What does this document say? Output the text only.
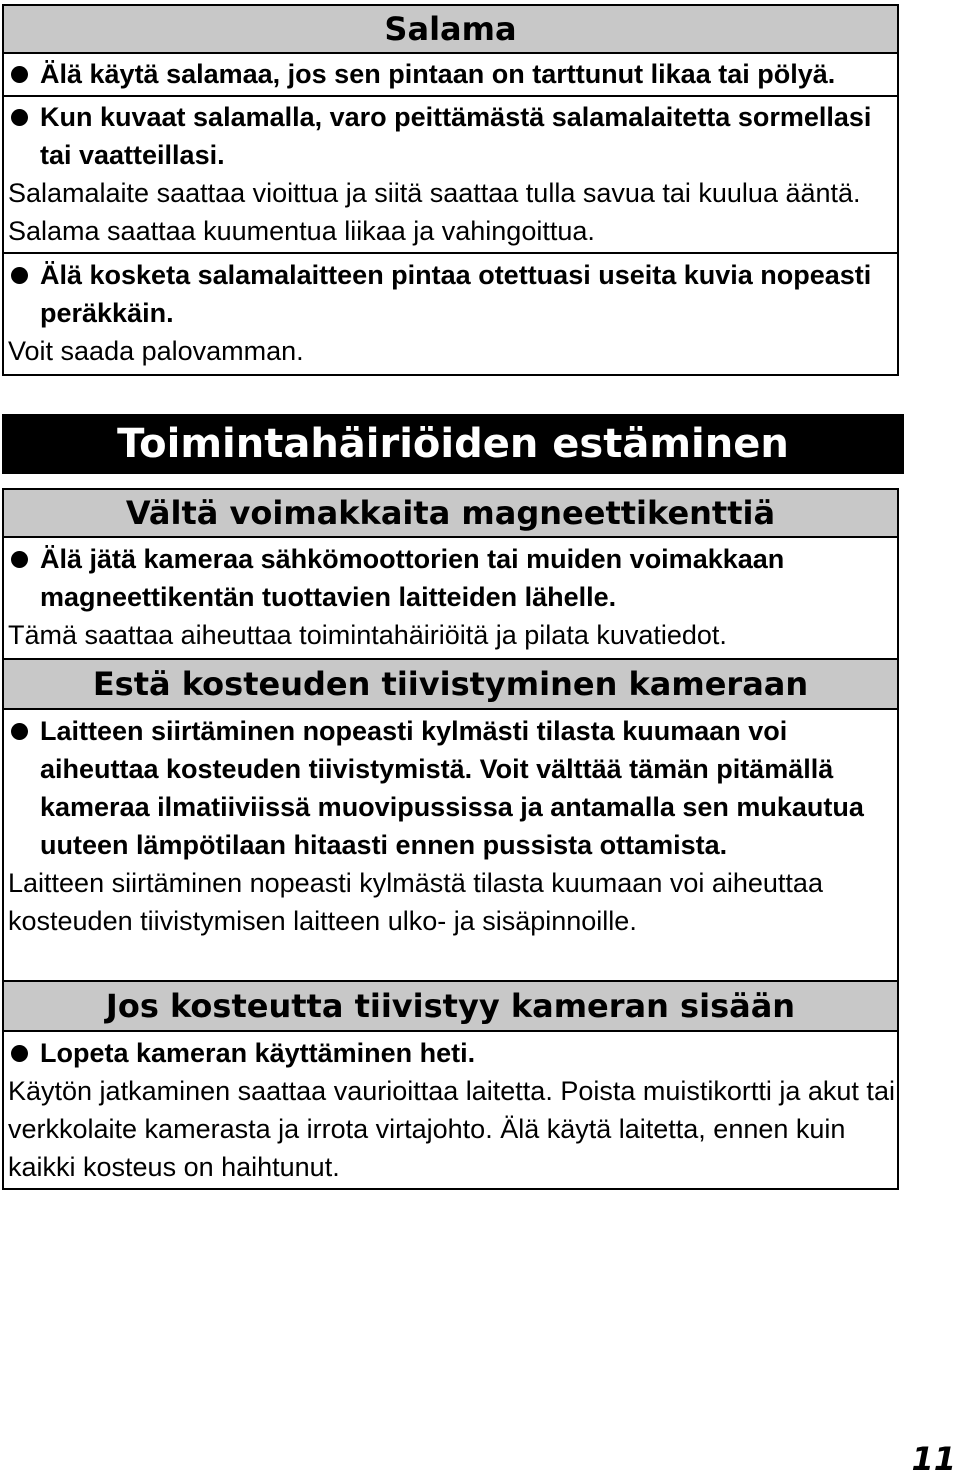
Salama
Älä käytä salamaa, jos sen pintaan on tarttunut likaa tai pölyä.
Kun kuvaat salamalla, varo peittämästä salamalaitetta sormellasi tai vaatteillasi.
Salamalaite saattaa vioittua ja siitä saattaa tulla savua tai kuulua ääntä. Salama saattaa kuumentua liikaa ja vahingoittua.
Älä kosketa salamalaitteen pintaa otettuasi useita kuvia nopeasti peräkkäin.
Voit saada palovamman.
Toimintahäiriöiden estäminen
Vältä voimakkaita magneettikenttiä
Älä jätä kameraa sähkömoottorien tai muiden voimakkaan magneettikentän tuottavien laitteiden lähelle.
Tämä saattaa aiheuttaa toimintahäiriöitä ja pilata kuvatiedot.
Estä kosteuden tiivistyminen kameraan
Laitteen siirtäminen nopeasti kylmästi tilasta kuumaan voi aiheuttaa kosteuden tiivistymistä. Voit välttää tämän pitämällä kameraa ilmatiiviissä muovipussissa ja antamalla sen mukautua uuteen lämpötilaan hitaasti ennen pussista ottamista.
Laitteen siirtäminen nopeasti kylmästä tilasta kuumaan voi aiheuttaa kosteuden tiivistymisen laitteen ulko- ja sisäpinnoille.
Jos kosteutta tiivistyy kameran sisään
Lopeta kameran käyttäminen heti.
Käytön jatkaminen saattaa vaurioittaa laitetta. Poista muistikortti ja akut tai verkkolaite kamerasta ja irrota virtajohto. Älä käytä laitetta, ennen kuin kaikki kosteus on haihtunut.
11
